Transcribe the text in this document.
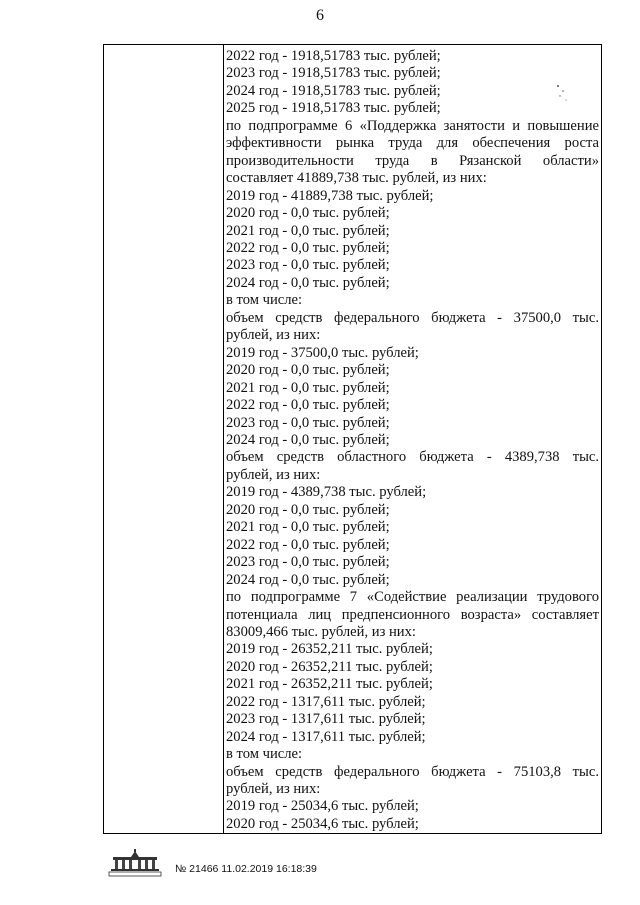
6
2022 год - 1918,51783 тыс. рублей;
2023 год - 1918,51783 тыс. рублей;
2024 год - 1918,51783 тыс. рублей;
2025 год - 1918,51783 тыс. рублей;
по подпрограмме 6 «Поддержка занятости и повышение
эффективности рынка труда для обеспечения роста
производительности труда в Рязанской области»
составляет 41889,738 тыс. рублей, из них:
2019 год - 41889,738 тыс. рублей;
2020 год - 0,0 тыс. рублей;
2021 год - 0,0 тыс. рублей;
2022 год - 0,0 тыс. рублей;
2023 год - 0,0 тыс. рублей;
2024 год - 0,0 тыс. рублей;
в том числе:
объем средств федерального бюджета - 37500,0 тыс.
рублей, из них:
2019 год - 37500,0 тыс. рублей;
2020 год - 0,0 тыс. рублей;
2021 год - 0,0 тыс. рублей;
2022 год - 0,0 тыс. рублей;
2023 год - 0,0 тыс. рублей;
2024 год - 0,0 тыс. рублей;
объем средств областного бюджета - 4389,738 тыс.
рублей, из них:
2019 год - 4389,738 тыс. рублей;
2020 год - 0,0 тыс. рублей;
2021 год - 0,0 тыс. рублей;
2022 год - 0,0 тыс. рублей;
2023 год - 0,0 тыс. рублей;
2024 год - 0,0 тыс. рублей;
по подпрограмме 7 «Содействие реализации трудового
потенциала лиц предпенсионного возраста» составляет
83009,466 тыс. рублей, из них:
2019 год - 26352,211 тыс. рублей;
2020 год - 26352,211 тыс. рублей;
2021 год - 26352,211 тыс. рублей;
2022 год - 1317,611 тыс. рублей;
2023 год - 1317,611 тыс. рублей;
2024 год - 1317,611 тыс. рублей;
в том числе:
объем средств федерального бюджета - 75103,8 тыс.
рублей, из них:
2019 год - 25034,6 тыс. рублей;
2020 год - 25034,6 тыс. рублей;
№ 21466 11.02.2019 16:18:39
